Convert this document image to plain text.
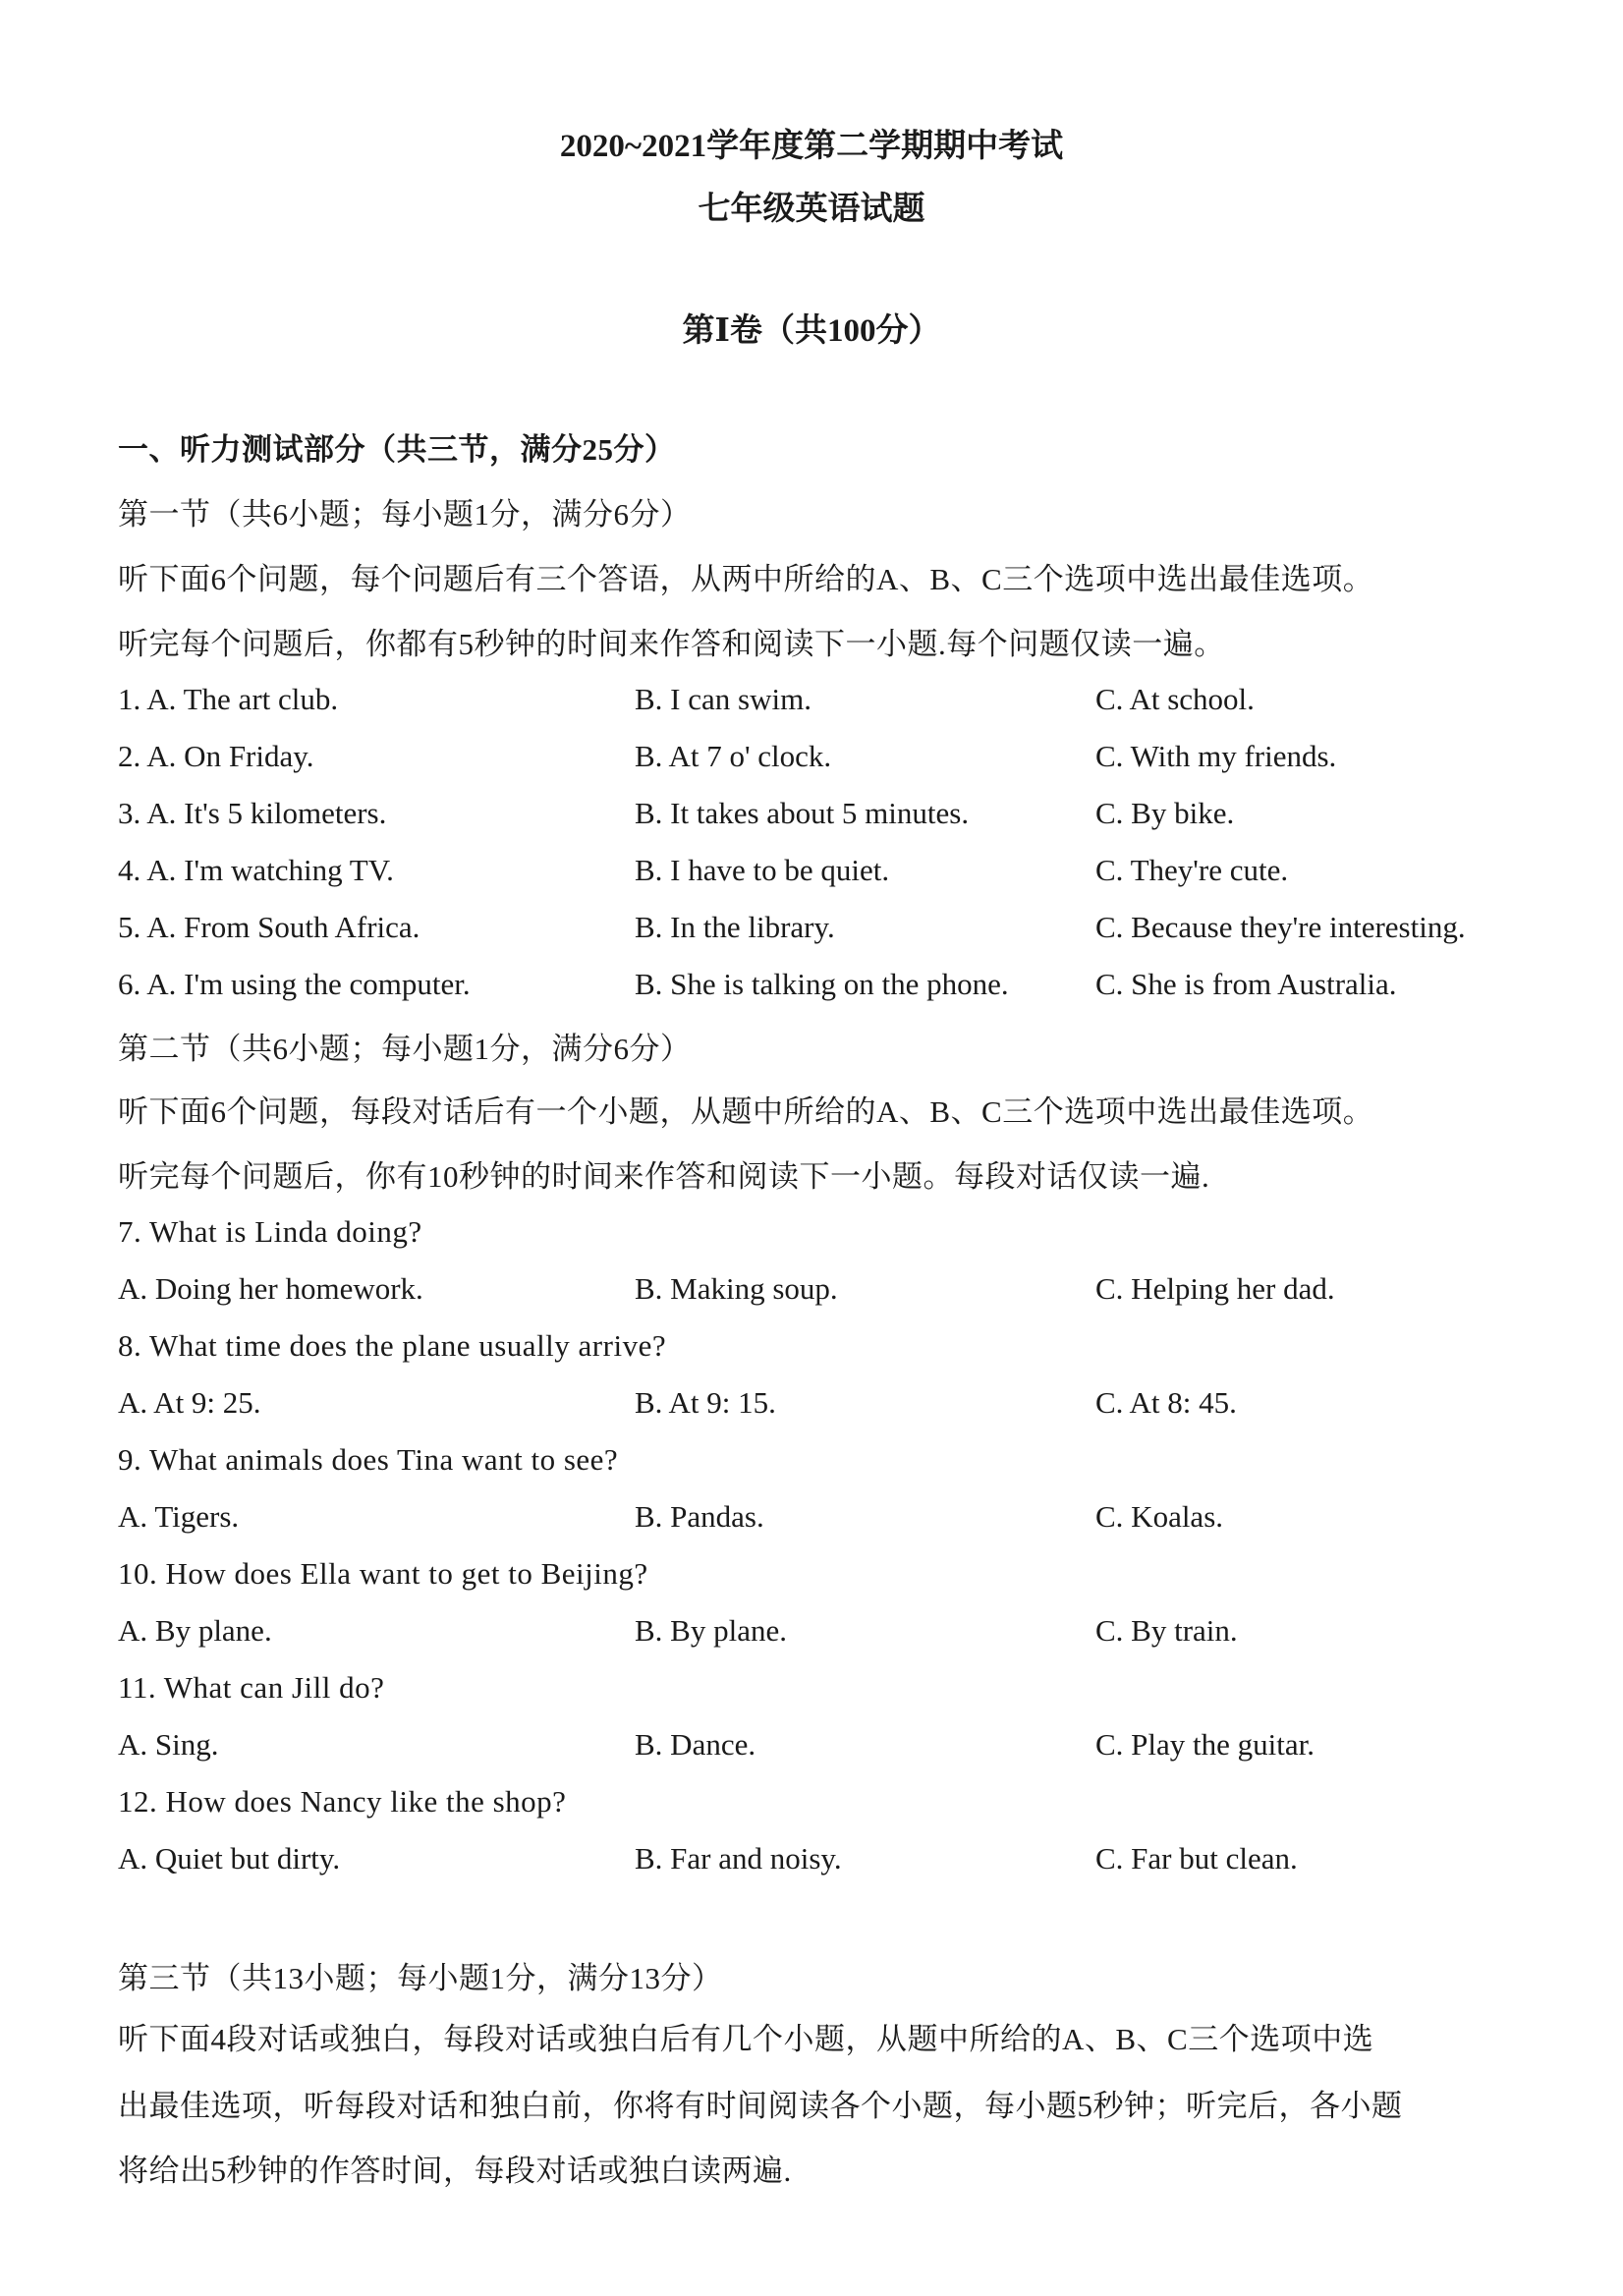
2020~2021学年度第二学期期中考试
七年级英语试题
第Ⅰ卷（共100分）
一、听力测试部分（共三节，满分25分）
第一节（共6小题；每小题1分，满分6分）
听下面6个问题，每个问题后有三个答语，从两中所给的A、B、C三个选项中选出最佳选项。
听完每个问题后，你都有5秒钟的时间来作答和阅读下一小题.每个问题仅读一遍。
1. A. The art club.	B. I can swim.	C. At school.
2. A. On Friday.	B. At 7 o' clock.	C. With my friends.
3. A. It's 5 kilometers.	B. It takes about 5 minutes.	C. By bike.
4. A. I'm watching TV.	B. I have to be quiet.	C. They're cute.
5. A. From South Africa.	B. In the library.	C. Because they're interesting.
6. A. I'm using the computer.	B. She is talking on the phone.	C. She is from Australia.
第二节（共6小题；每小题1分，满分6分）
听下面6个问题，每段对话后有一个小题，从题中所给的A、B、C三个选项中选出最佳选项。
听完每个问题后，你有10秒钟的时间来作答和阅读下一小题。每段对话仅读一遍.
7. What is Linda doing?
A. Doing her homework.	B. Making soup.	C. Helping her dad.
8. What time does the plane usually arrive?
A. At 9: 25.	B. At 9: 15.	C. At 8: 45.
9. What animals does Tina want to see?
A. Tigers.	B. Pandas.	C. Koalas.
10. How does Ella want to get to Beijing?
A. By plane.	B. By plane.	C. By train.
11. What can Jill do?
A. Sing.	B. Dance.	C. Play the guitar.
12. How does Nancy like the shop?
A. Quiet but dirty.	B. Far and noisy.	C. Far but clean.
第三节（共13小题；每小题1分，满分13分）
听下面4段对话或独白，每段对话或独白后有几个小题，从题中所给的A、B、C三个选项中选
出最佳选项，听每段对话和独白前，你将有时间阅读各个小题，每小题5秒钟；听完后，各小题
将给出5秒钟的作答时间，每段对话或独白读两遍.
